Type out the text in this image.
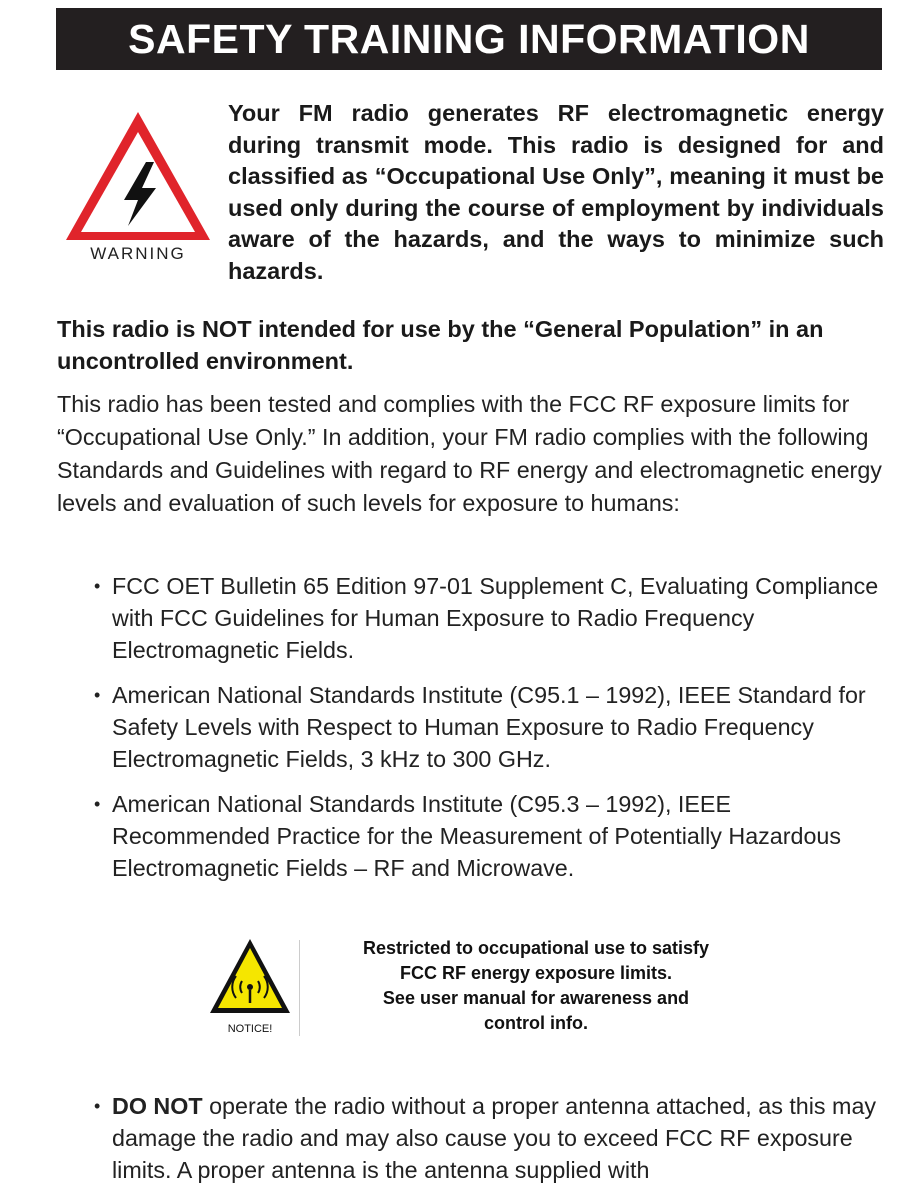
SAFETY TRAINING INFORMATION
WARNING

Your FM radio generates RF electromagnetic energy during transmit mode. This radio is designed for and classified as “Occupational Use Only”, meaning it must be used only during the course of employment by individuals aware of the hazards, and the ways to minimize such hazards.

This radio is NOT intended for use by the “General Population” in an uncontrolled environment.

This radio has been tested and complies with the FCC RF exposure limits for “Occupational Use Only.” In addition, your FM radio complies with the following Standards and Guidelines with regard to RF energy and electromagnetic energy levels and evaluation of such levels for exposure to humans:

• FCC OET Bulletin 65 Edition 97-01 Supplement C, Evaluating Compliance with FCC Guidelines for Human Exposure to Radio Frequency Electromagnetic Fields.
• American National Standards Institute (C95.1 – 1992), IEEE Standard for Safety Levels with Respect to Human Exposure to Radio Frequency Electromagnetic Fields, 3 kHz to 300 GHz.
• American National Standards Institute (C95.3 – 1992), IEEE Recommended Practice for the Measurement of Potentially Hazardous Electromagnetic Fields – RF and Microwave.
NOTICE!
Restricted to occupational use to satisfy
FCC RF energy exposure limits.
See user manual for awareness and
control info.
• DO NOT operate the radio without a proper antenna attached, as this may damage the radio and may also cause you to exceed FCC RF exposure limits. A proper antenna is the antenna supplied with
